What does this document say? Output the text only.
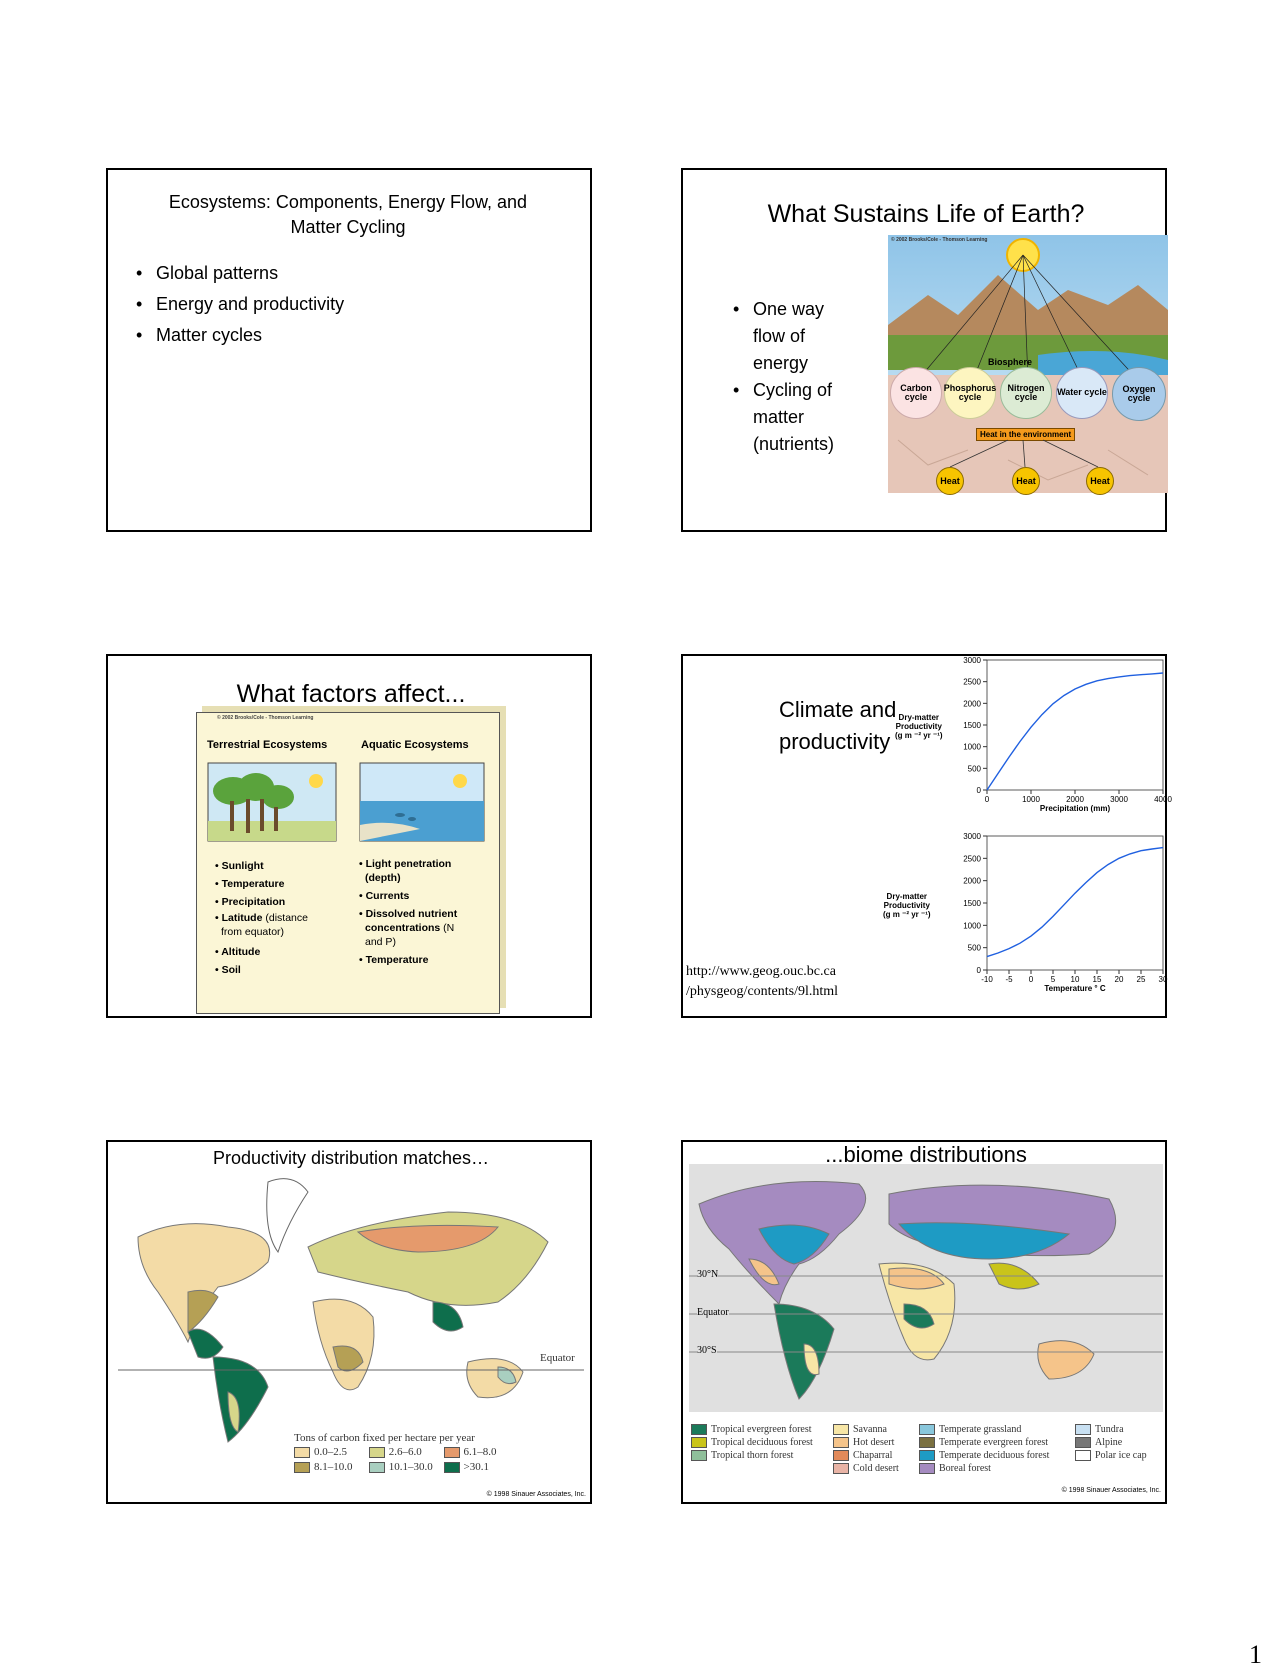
Ecosystems: Components, Energy Flow, and Matter Cycling
• Global patterns
• Energy and productivity
• Matter cycles
What Sustains Life of Earth?
• One way flow of energy
• Cycling of matter (nutrients)
© 2002 Brooks/Cole - Thomson Learning
Biosphere
Carbon cycle
Phosphorus cycle
Nitrogen cycle	Water cycle	Oxygen cycle
Heat in the environment
Heat	Heat	Heat
© 2002 Brooks/Cole - Thomson Learning
Terrestrial Ecosystems	Aquatic Ecosystems
• Sunlight
• Temperature
• Precipitation
• Latitude (distance
from equator)
• Altitude
• Soil
• Light penetration
(depth)
• Currents
• Dissolved nutrient
concentrations (N
and P)
• Temperature
What factors affect...
Climate and
productivity
http://www.geog.ouc.bc.ca
/physgeog/contents/9l.html
Dry-matter
Productivity
(g m ⁻² yr ⁻¹)
Dry-matter
Productivity
(g m ⁻² yr ⁻¹)
0
500
1000
1500
2000
2500
3000
0	1000	2000	3000	4000
Precipitation (mm)
0
500
1000
1500
2000
2500
3000
-10 -5 0 5 10 15 20 25 30
Temperature ° C
Productivity distribution matches…
Equator
Tons of carbon fixed per hectare per year
0.0–2.5	2.6–6.0	6.1–8.0
8.1–10.0	10.1–30.0	>30.1
© 1998 Sinauer Associates, Inc.
...biome distributions
30°N
Equator
30°S
Tropical evergreen forest
Tropical deciduous forest
Tropical thorn forest
Savanna
Hot desert
Chaparral
Cold desert
Temperate grassland
Temperate evergreen forest
Temperate deciduous forest
Boreal forest
Tundra
Alpine
Polar ice cap
© 1998 Sinauer Associates, Inc.
1
